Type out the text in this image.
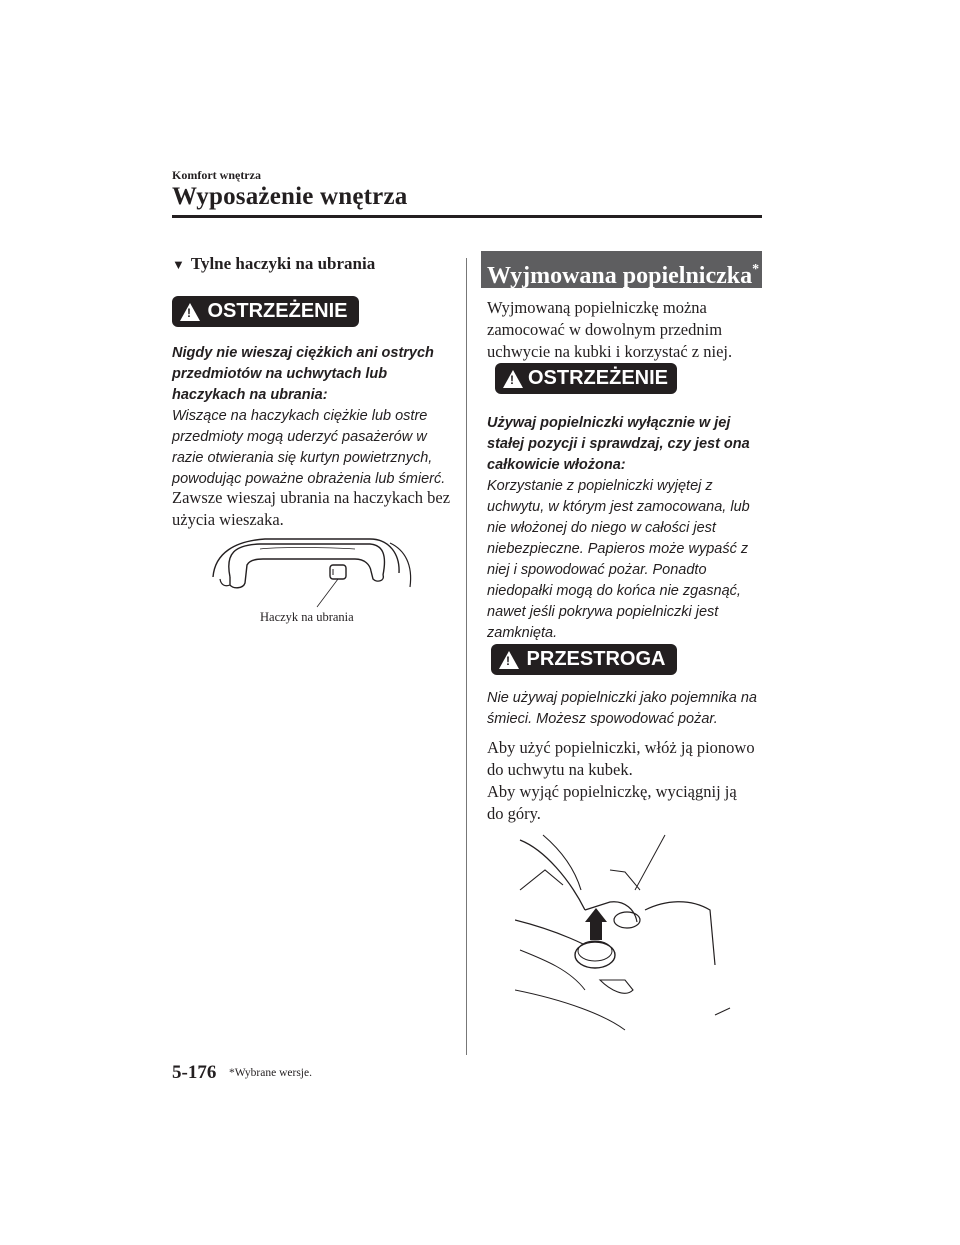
Komfort wnętrza
Wyposażenie wnętrza
▼ Tylne haczyki na ubrania
!
OSTRZEŻENIE
Nigdy nie wieszaj ciężkich ani ostrych przedmiotów na uchwytach lub haczykach na ubrania:
Wiszące na haczykach ciężkie lub ostre przedmioty mogą uderzyć pasażerów w razie otwierania się kurtyn powietrznych, powodując poważne obrażenia lub śmierć.
Zawsze wieszaj ubrania na haczykach bez użycia wieszaka.
Haczyk na ubrania
Wyjmowana popielniczka*
Wyjmowaną popielniczkę można zamocować w dowolnym przednim uchwycie na kubki i korzystać z niej.
!
OSTRZEŻENIE
Używaj popielniczki wyłącznie w jej stałej pozycji i sprawdzaj, czy jest ona całkowicie włożona:
Korzystanie z popielniczki wyjętej z uchwytu, w którym jest zamocowana, lub nie włożonej do niego w całości jest niebezpieczne. Papieros może wypaść z niej i spowodować pożar. Ponadto niedopałki mogą do końca nie zgasnąć, nawet jeśli pokrywa popielniczki jest zamknięta.
!
PRZESTROGA
Nie używaj popielniczki jako pojemnika na śmieci. Możesz spowodować pożar.
Aby użyć popielniczki, włóż ją pionowo do uchwytu na kubek.
Aby wyjąć popielniczkę, wyciągnij ją do góry.
5-176 *Wybrane wersje.
